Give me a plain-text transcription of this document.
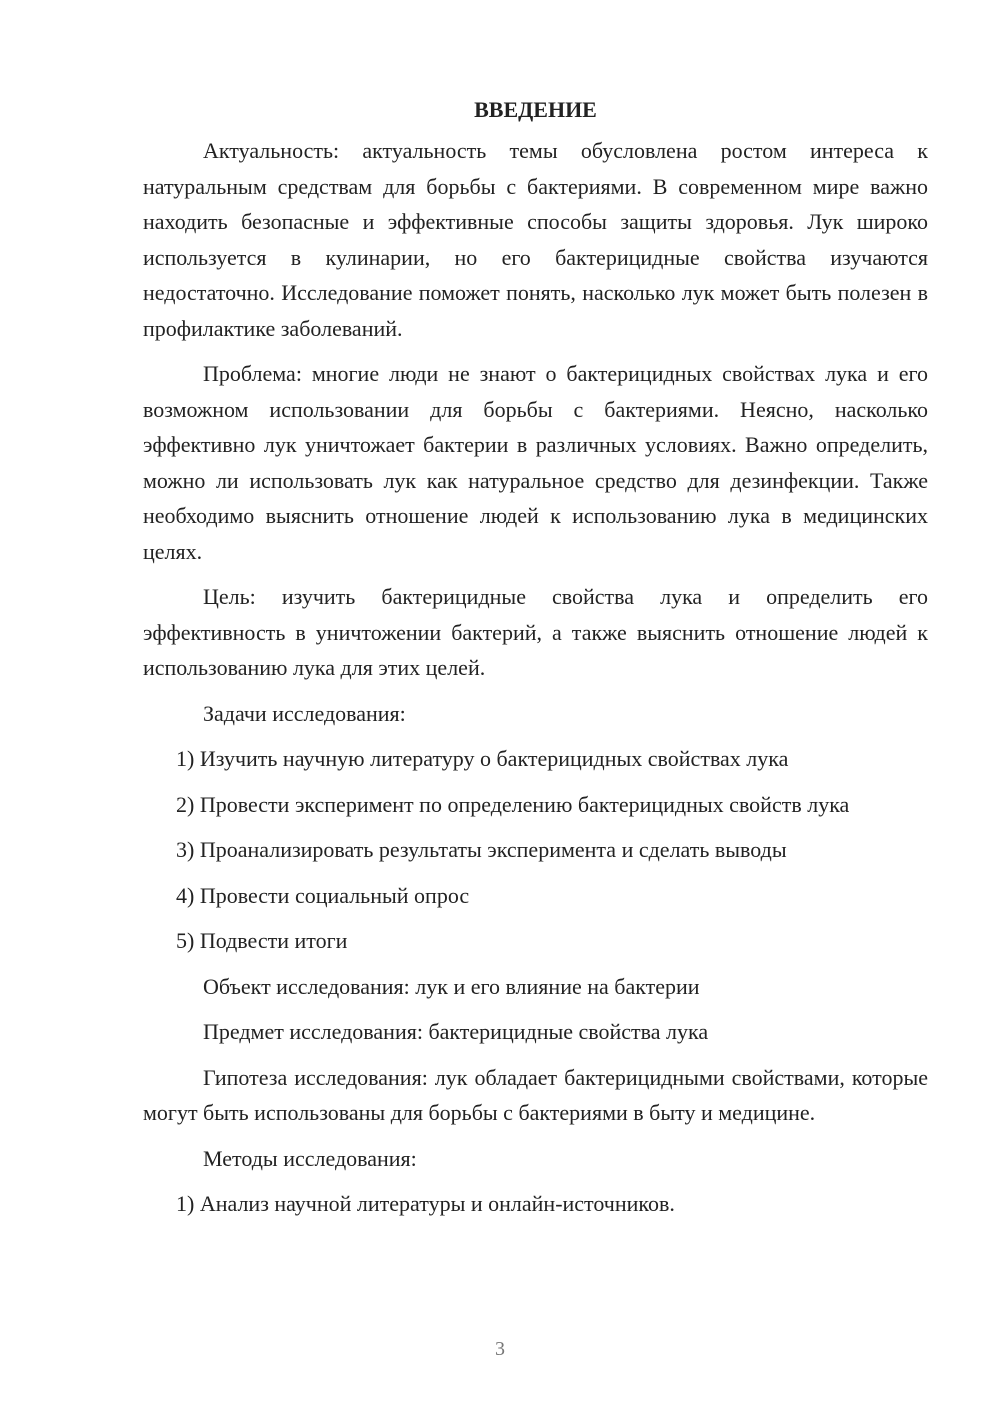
ВВЕДЕНИЕ

Актуальность: актуальность темы обусловлена ростом интереса к натуральным средствам для борьбы с бактериями. В современном мире важно находить безопасные и эффективные способы защиты здоровья. Лук широко используется в кулинарии, но его бактерицидные свойства изучаются недостаточно. Исследование поможет понять, насколько лук может быть полезен в профилактике заболеваний.

Проблема: многие люди не знают о бактерицидных свойствах лука и его возможном использовании для борьбы с бактериями. Неясно, насколько эффективно лук уничтожает бактерии в различных условиях. Важно определить, можно ли использовать лук как натуральное средство для дезинфекции. Также необходимо выяснить отношение людей к использованию лука в медицинских целях.

Цель: изучить бактерицидные свойства лука и определить его эффективность в уничтожении бактерий, а также выяснить отношение людей к использованию лука для этих целей.

Задачи исследования:

1) Изучить научную литературу о бактерицидных свойствах лука

2) Провести эксперимент по определению бактерицидных свойств лука

3) Проанализировать результаты эксперимента и сделать выводы

4) Провести социальный опрос

5) Подвести итоги

Объект исследования: лук и его влияние на бактерии

Предмет исследования: бактерицидные свойства лука

Гипотеза исследования: лук обладает бактерицидными свойствами, которые могут быть использованы для борьбы с бактериями в быту и медицине.

Методы исследования:

1) Анализ научной литературы и онлайн-источников.

3
